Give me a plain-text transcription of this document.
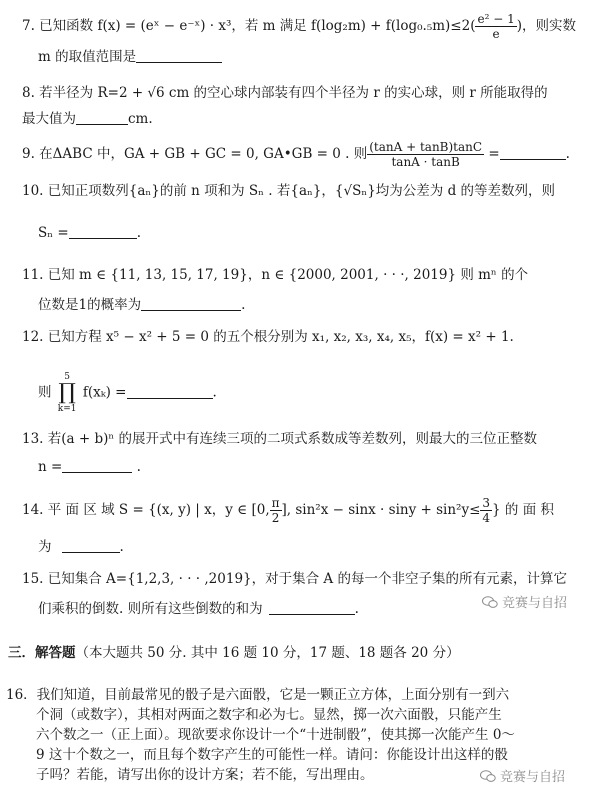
7. 已知函数 f(x) = (eˣ − e⁻ˣ) · x³，若 m 满足 $f(\log_2m) + f(\log_0._5m)\le 2( \frac{\text{e² − 1}}{e}$ )，则实数
m 的取值范围是
8. 若半径为 R=2 + √6 cm 的空心球内部装有四个半径为 r 的实心球，则 r 所能取得的
最大值为	cm.
9. 在ΔABC 中，GA + GB + GC = 0, GA•GB = 0 . 则 $\frac{(\tan A + \tan B)\tan C}{\tan A \cdot \tan B}$ =	.
10. 已知正项数列{aₙ}的前 n 项和为 Sₙ . 若{aₙ}，{√Sₙ}均为公差为 d 的等差数列，则
Sₙ =	.
11. 已知 m ∈ {11, 13, 15, 17, 19}，n ∈ {2000, 2001, · · ·, 2019} 则 mⁿ 的个
位数是1的概率为	.
12. 已知方程 x⁵ − x² + 5 = 0 的五个根分别为 x₁, x₂, x₃, x₄, x₅，f(x) = x² + 1.
则 5
∏
k=1 f(xₖ) =	.
13. 若(a + b)ⁿ 的展开式中有连续三项的二项式系数成等差数列，则最大的三位正整数
n =	.
14. 平 面 区 域 S = {(x, y) | x，y ∈ [0, $\frac{\pi}{2}$ ], $\sin^2x - \sin x \cdot \sin y + \sin^2y\le \frac{3}{4}$ } 的 面 积
为	.
15. 已知集合 A={1,2,3, · · · ,2019}，对于集合 A 的每一个非空子集的所有元素，计算它
们乘积的倒数. 则所有这些倒数的和为	.	竞赛与自招
三．解答题（本大题共 50 分. 其中 16 题 10 分，17 题、18 题各 20 分）
16．我们知道，目前最常见的骰子是六面骰，它是一颗正立方体，上面分别有一到六
个洞（或数字），其相对两面之数字和必为七。显然，掷一次六面骰，只能产生
六个数之一（正上面）。现欲要求你设计一个“十进制骰”，使其掷一次能产生 0～
9 这十个数之一，而且每个数字产生的可能性一样。请问：你能设计出这样的骰
子吗？若能，请写出你的设计方案；若不能，写出理由。	竞赛与自招
